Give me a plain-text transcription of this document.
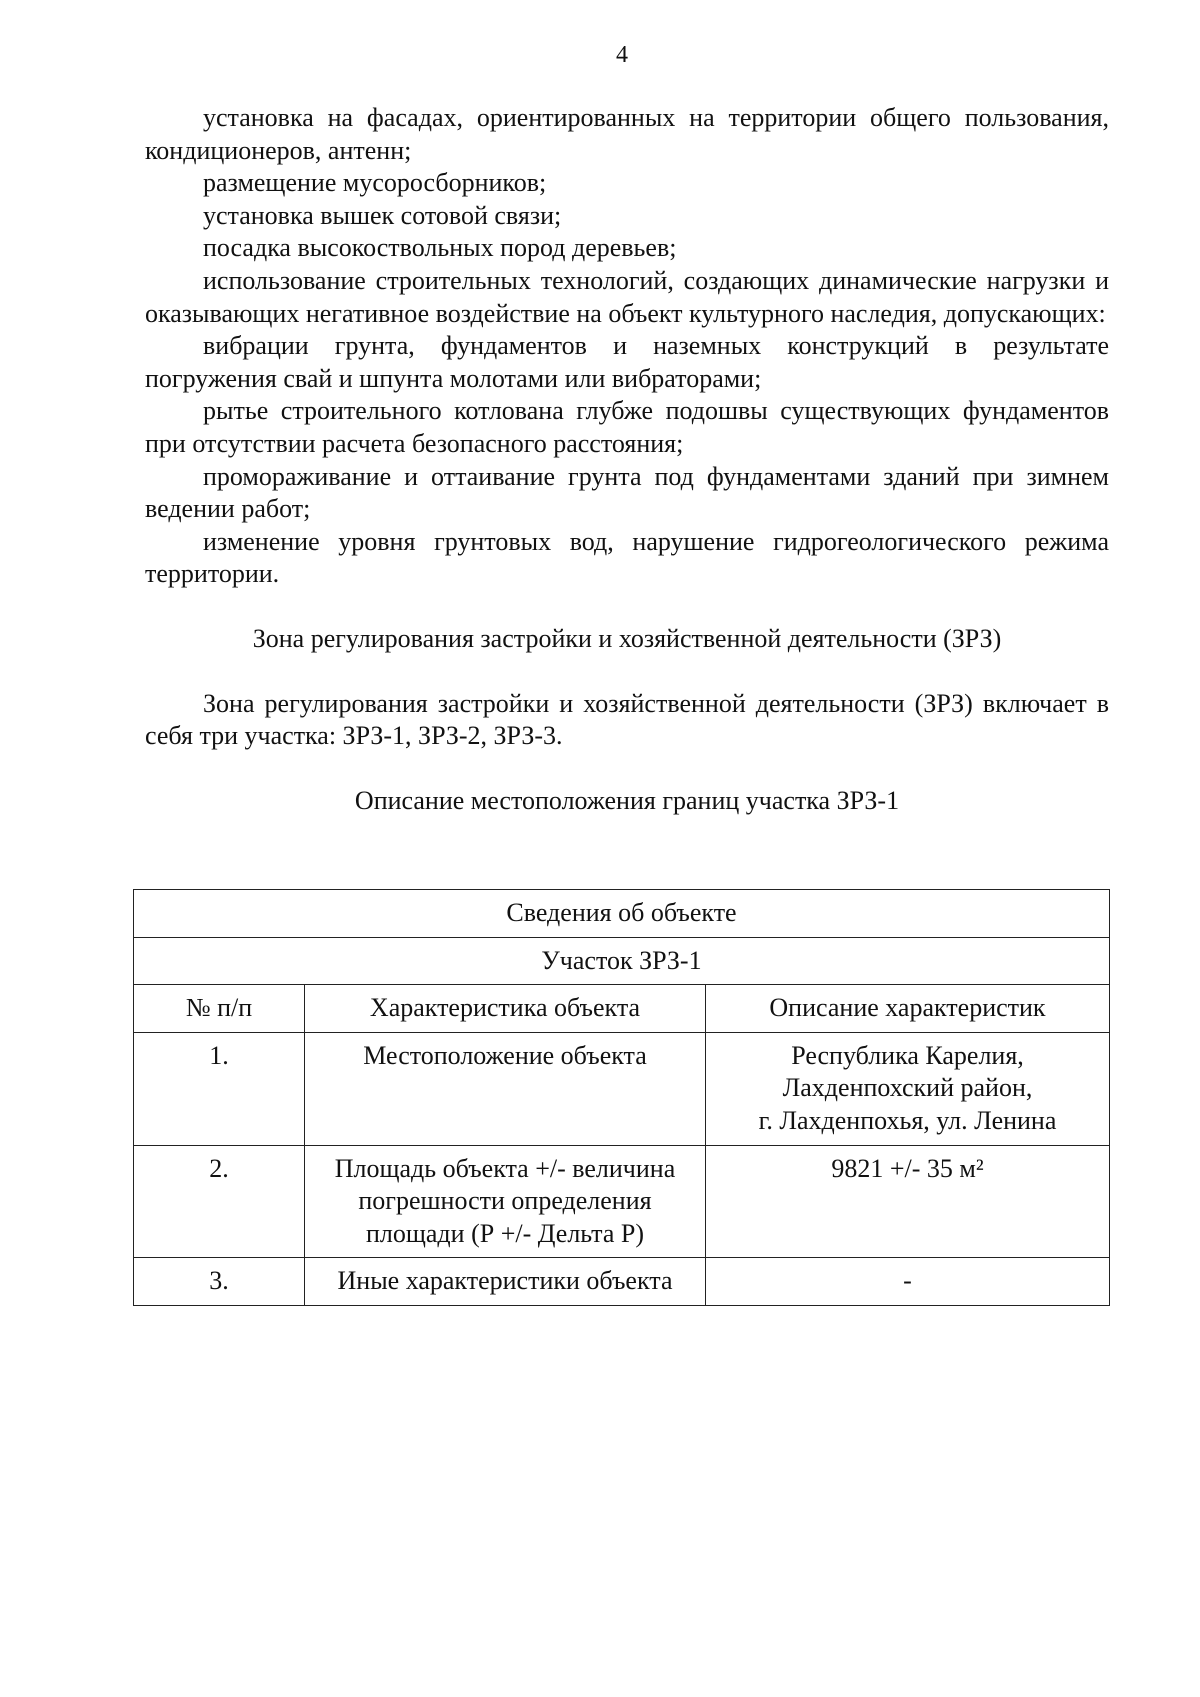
4

установка на фасадах, ориентированных на территории общего пользования, кондиционеров, антенн;

размещение мусоросборников;

установка вышек сотовой связи;

посадка высокоствольных пород деревьев;

использование строительных технологий, создающих динамические нагрузки и оказывающих негативное воздействие на объект культурного наследия, допускающих:

вибрации грунта, фундаментов и наземных конструкций в результате погружения свай и шпунта молотами или вибраторами;

рытье строительного котлована глубже подошвы существующих фундаментов при отсутствии расчета безопасного расстояния;

промораживание и оттаивание грунта под фундаментами зданий при зимнем ведении работ;

изменение уровня грунтовых вод, нарушение гидрогеологического режима территории.

Зона регулирования застройки и хозяйственной деятельности (ЗРЗ)

Зона регулирования застройки и хозяйственной деятельности (ЗРЗ) включает в себя три участка: ЗРЗ-1, ЗРЗ-2, ЗРЗ-3.

Описание местоположения границ участка ЗРЗ-1

Сведения об объекте		
Участок ЗРЗ-1		
№ п/п	Характеристика объекта	Описание характеристик
1.	Местоположение объекта	Республика Карелия,
Лахденпохский район,
г. Лахденпохья, ул. Ленина

2.	Площадь объекта +/- величина
погрешности определения
площади (Р +/- Дельта Р)	9821 +/- 35 м²
3.	Иные характеристики объекта	-
